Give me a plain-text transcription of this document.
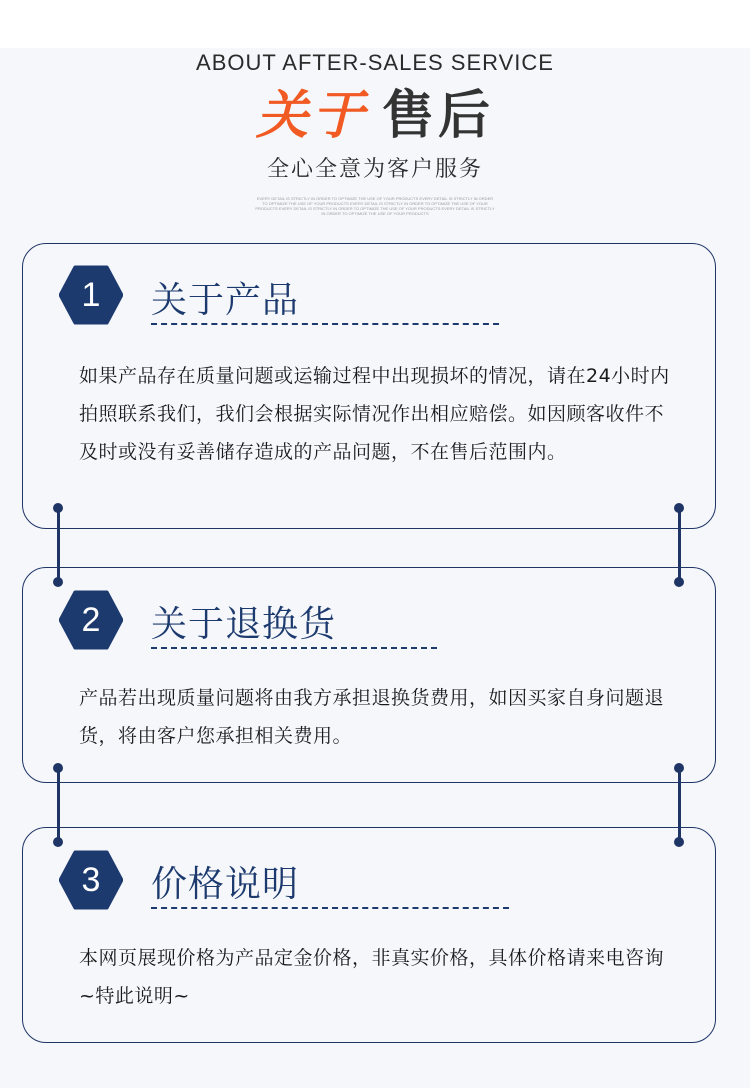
ABOUT AFTER-SALES SERVICE
关于 售后
全心全意为客户服务
EVERY DETAIL IS STRICTLY IN ORDER TO OPTIMIZE THE USE OF YOUR PRODUCTS EVERY DETAIL IS STRICTLY IN ORDER TO OPTIMIZE THE USE OF YOUR PRODUCTS EVERY DETAIL IS STRICTLY IN ORDER TO OPTIMIZE THE USE OF YOUR PRODUCTS EVERY DETAIL IS STRICTLY IN ORDER TO OPTIMIZE THE USE OF YOUR PRODUCTS EVERY DETAIL IS STRICTLY IN ORDER TO OPTIMIZE THE USE OF YOUR PRODUCTS
1	关于产品
如果产品存在质量问题或运输过程中出现损坏的情况，请在24小时内拍照联系我们，我们会根据实际情况作出相应赔偿。如因顾客收件不及时或没有妥善储存造成的产品问题，不在售后范围内。
2	关于退换货
产品若出现质量问题将由我方承担退换货费用，如因买家自身问题退货，将由客户您承担相关费用。
3	价格说明
本网页展现价格为产品定金价格，非真实价格，具体价格请来电咨询~特此说明~
